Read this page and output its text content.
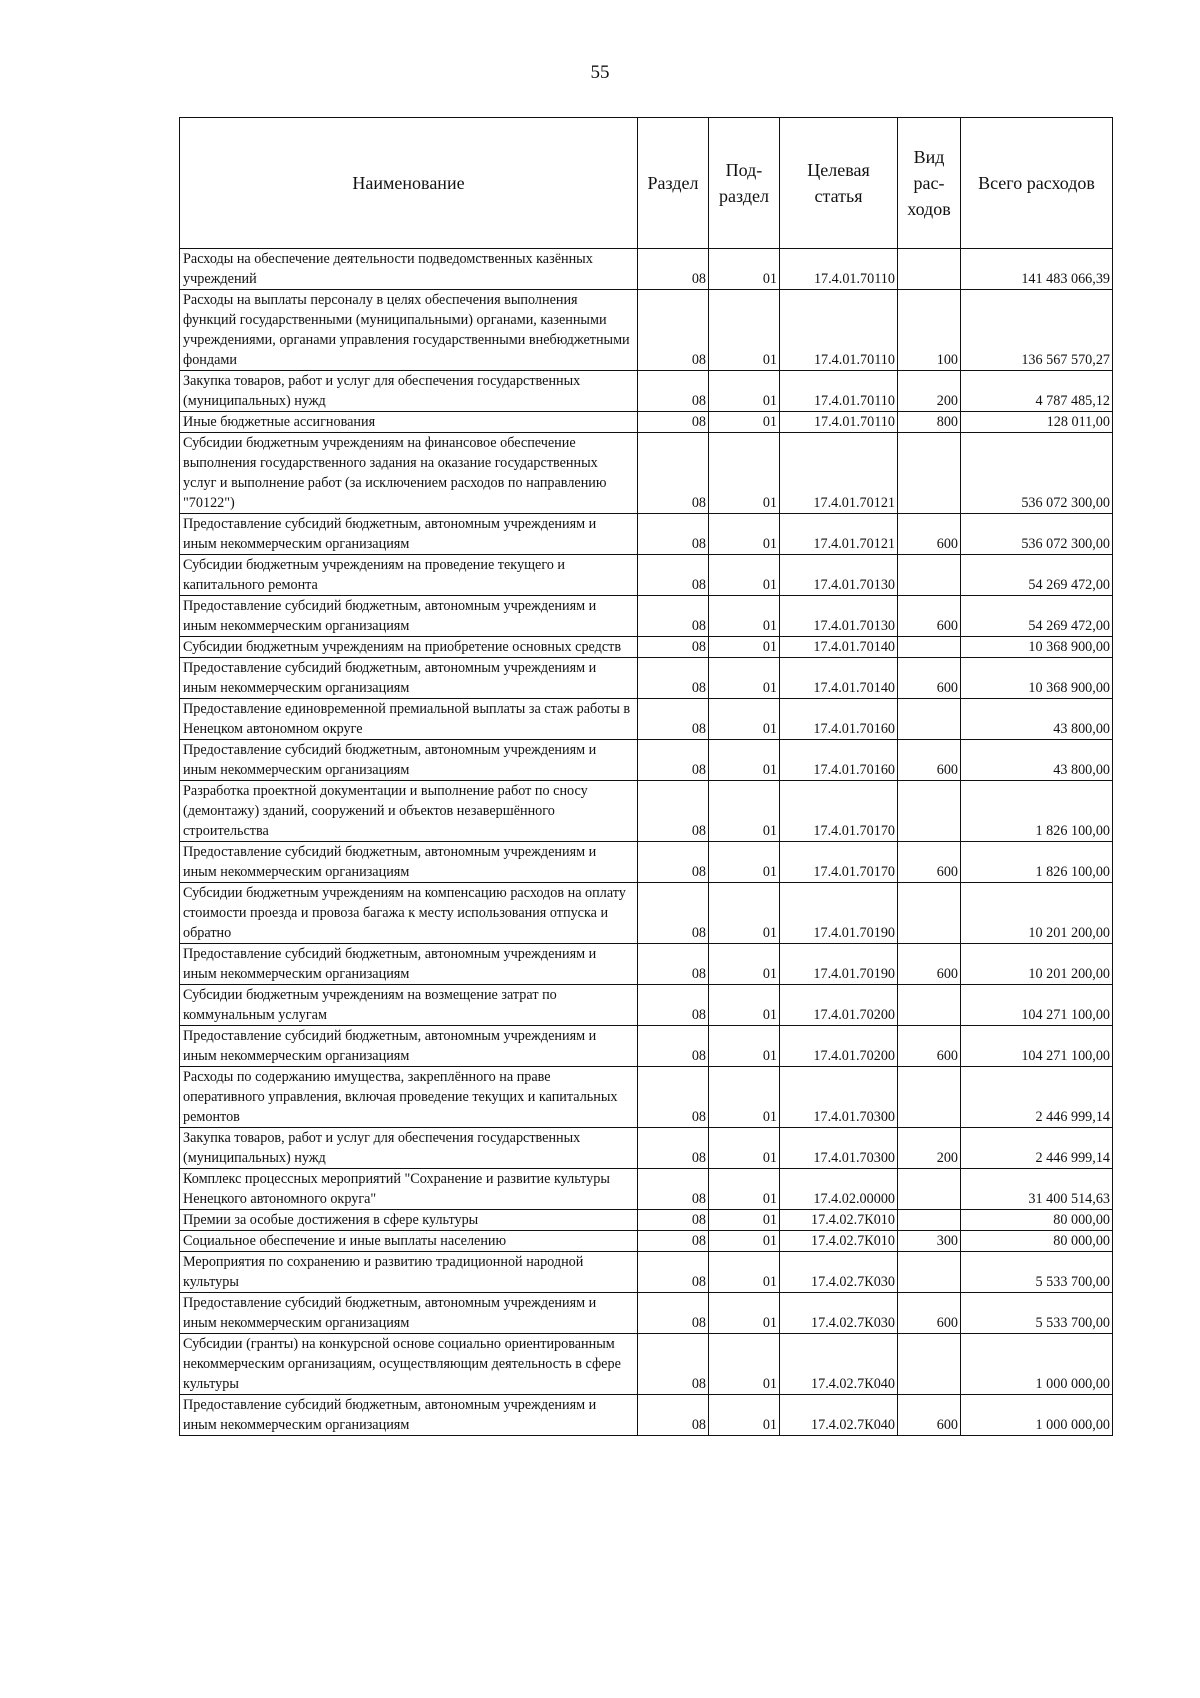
55
Наименование	Раздел	Под-раздел	Целевая статья	Вид рас-ходов	Всего расходов
Расходы на обеспечение деятельности подведомственных казённых учреждений	08	01	17.4.01.70110		141 483 066,39
Расходы на выплаты персоналу в целях обеспечения выполнения функций государственными (муниципальными) органами, казенными учреждениями, органами управления государственными внебюджетными фондами	08	01	17.4.01.70110	100	136 567 570,27
Закупка товаров, работ и услуг для обеспечения государственных (муниципальных) нужд	08	01	17.4.01.70110	200	4 787 485,12
Иные бюджетные ассигнования	08	01	17.4.01.70110	800	128 011,00
Субсидии бюджетным учреждениям на финансовое обеспечение выполнения государственного задания на оказание государственных услуг и выполнение работ (за исключением расходов по направлению "70122")	08	01	17.4.01.70121		536 072 300,00
Предоставление субсидий бюджетным, автономным учреждениям и иным некоммерческим организациям	08	01	17.4.01.70121	600	536 072 300,00
Субсидии бюджетным учреждениям на проведение текущего и капитального ремонта	08	01	17.4.01.70130		54 269 472,00
Предоставление субсидий бюджетным, автономным учреждениям и иным некоммерческим организациям	08	01	17.4.01.70130	600	54 269 472,00
Субсидии бюджетным учреждениям на приобретение основных средств	08	01	17.4.01.70140		10 368 900,00
Предоставление субсидий бюджетным, автономным учреждениям и иным некоммерческим организациям	08	01	17.4.01.70140	600	10 368 900,00
Предоставление единовременной премиальной выплаты за стаж работы в Ненецком автономном округе	08	01	17.4.01.70160		43 800,00
Предоставление субсидий бюджетным, автономным учреждениям и иным некоммерческим организациям	08	01	17.4.01.70160	600	43 800,00
Разработка проектной документации и выполнение работ по сносу (демонтажу) зданий, сооружений и объектов незавершённого строительства	08	01	17.4.01.70170		1 826 100,00
Предоставление субсидий бюджетным, автономным учреждениям и иным некоммерческим организациям	08	01	17.4.01.70170	600	1 826 100,00
Субсидии бюджетным учреждениям на компенсацию расходов на оплату стоимости проезда и провоза багажа к месту использования отпуска и обратно	08	01	17.4.01.70190		10 201 200,00
Предоставление субсидий бюджетным, автономным учреждениям и иным некоммерческим организациям	08	01	17.4.01.70190	600	10 201 200,00
Субсидии бюджетным учреждениям на возмещение затрат по коммунальным услугам	08	01	17.4.01.70200		104 271 100,00
Предоставление субсидий бюджетным, автономным учреждениям и иным некоммерческим организациям	08	01	17.4.01.70200	600	104 271 100,00
Расходы по содержанию имущества, закреплённого на праве оперативного управления, включая проведение текущих и капитальных ремонтов	08	01	17.4.01.70300		2 446 999,14
Закупка товаров, работ и услуг для обеспечения государственных (муниципальных) нужд	08	01	17.4.01.70300	200	2 446 999,14
Комплекс процессных мероприятий "Сохранение и развитие культуры Ненецкого автономного округа"	08	01	17.4.02.00000		31 400 514,63
Премии за особые достижения в сфере культуры	08	01	17.4.02.7К010		80 000,00
Социальное обеспечение и иные выплаты населению	08	01	17.4.02.7К010	300	80 000,00
Мероприятия по сохранению и развитию традиционной народной культуры	08	01	17.4.02.7К030		5 533 700,00
Предоставление субсидий бюджетным, автономным учреждениям и иным некоммерческим организациям	08	01	17.4.02.7К030	600	5 533 700,00
Субсидии (гранты) на конкурсной основе социально ориентированным некоммерческим организациям, осуществляющим деятельность в сфере культуры	08	01	17.4.02.7К040		1 000 000,00
Предоставление субсидий бюджетным, автономным учреждениям и иным некоммерческим организациям	08	01	17.4.02.7К040	600	1 000 000,00
